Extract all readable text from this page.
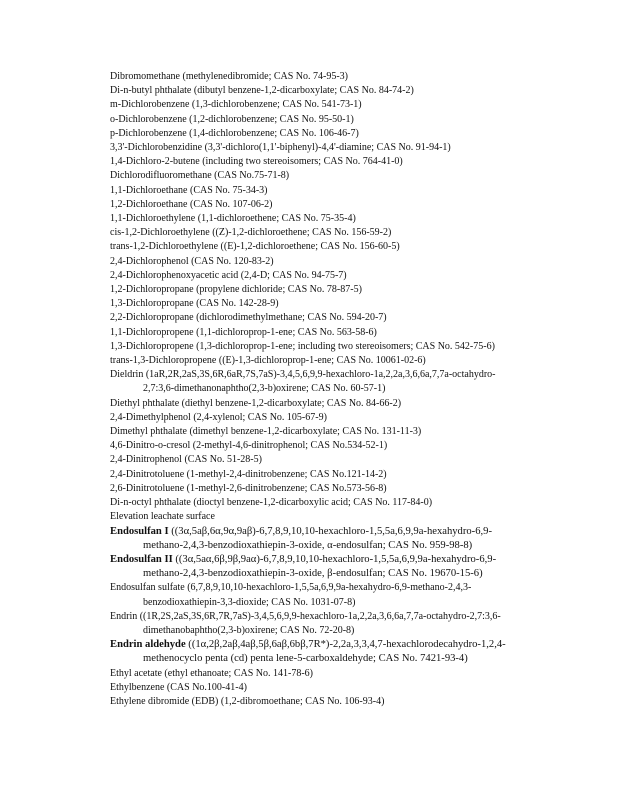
Dibromomethane (methylenedibromide; CAS No. 74-95-3)

Di-n-butyl phthalate (dibutyl benzene-1,2-dicarboxylate; CAS No. 84-74-2)

m-Dichlorobenzene (1,3-dichlorobenzene; CAS No. 541-73-1)

o-Dichlorobenzene (1,2-dichlorobenzene; CAS No. 95-50-1)

p-Dichlorobenzene (1,4-dichlorobenzene; CAS No. 106-46-7)

3,3'-Dichlorobenzidine (3,3'-dichloro(1,1'-biphenyl)-4,4'-diamine; CAS No. 91-94-1)

1,4-Dichloro-2-butene (including two stereoisomers; CAS No. 764-41-0)

Dichlorodifluoromethane (CAS No.75-71-8)

1,1-Dichloroethane (CAS No. 75-34-3)

1,2-Dichloroethane (CAS No. 107-06-2)

1,1-Dichloroethylene (1,1-dichloroethene; CAS No. 75-35-4)

cis-1,2-Dichloroethylene ((Z)-1,2-dichloroethene; CAS No. 156-59-2)

trans-1,2-Dichloroethylene ((E)-1,2-dichloroethene; CAS No. 156-60-5)

2,4-Dichlorophenol (CAS No. 120-83-2)

2,4-Dichlorophenoxyacetic acid (2,4-D; CAS No. 94-75-7)

1,2-Dichloropropane (propylene dichloride; CAS No. 78-87-5)

1,3-Dichloropropane (CAS No. 142-28-9)

2,2-Dichloropropane (dichlorodimethylmethane; CAS No. 594-20-7)

1,1-Dichloropropene (1,1-dichloroprop-1-ene; CAS No. 563-58-6)

1,3-Dichloropropene (1,3-dichloroprop-1-ene; including two stereoisomers; CAS No. 542-75-6)

trans-1,3-Dichloropropene ((E)-1,3-dichloroprop-1-ene; CAS No. 10061-02-6)

Dieldrin (1aR,2R,2aS,3S,6R,6aR,7S,7aS)-3,4,5,6,9,9-hexachloro-1a,2,2a,3,6,6a,7,7a-octahydro-2,7:3,6-dimethanonaphtho(2,3-b)oxirene; CAS No. 60-57-1)

Diethyl phthalate (diethyl benzene-1,2-dicarboxylate; CAS No. 84-66-2)

2,4-Dimethylphenol (2,4-xylenol; CAS No. 105-67-9)

Dimethyl phthalate (dimethyl benzene-1,2-dicarboxylate; CAS No. 131-11-3)

4,6-Dinitro-o-cresol (2-methyl-4,6-dinitrophenol; CAS No.534-52-1)

2,4-Dinitrophenol (CAS No. 51-28-5)

2,4-Dinitrotoluene (1-methyl-2,4-dinitrobenzene; CAS No.121-14-2)

2,6-Dinitrotoluene (1-methyl-2,6-dinitrobenzene; CAS No.573-56-8)

Di-n-octyl phthalate (dioctyl benzene-1,2-dicarboxylic acid; CAS No. 117-84-0)

Elevation leachate surface

Endosulfan I ((3α,5aβ,6α,9α,9aβ)-6,7,8,9,10,10-hexachloro-1,5,5a,6,9,9a-hexahydro-6,9-methano-2,4,3-benzodioxathiepin-3-oxide, α-endosulfan; CAS No. 959-98-8)

Endosulfan II ((3α,5aα,6β,9β,9aα)-6,7,8,9,10,10-hexachloro-1,5,5a,6,9,9a-hexahydro-6,9-methano-2,4,3-benzodioxathiepin-3-oxide, β-endosulfan; CAS No. 19670-15-6)

Endosulfan sulfate (6,7,8,9,10,10-hexachloro-1,5,5a,6,9,9a-hexahydro-6,9-methano-2,4,3-benzodioxathiepin-3,3-dioxide; CAS No. 1031-07-8)

Endrin ((1R,2S,2aS,3S,6R,7R,7aS)-3,4,5,6,9,9-hexachloro-1a,2,2a,3,6,6a,7,7a-octahydro-2,7:3,6-dimethanobaphtho(2,3-b)oxirene; CAS No. 72-20-8)

Endrin aldehyde ((1α,2β,2aβ,4aβ,5β,6aβ,6bβ,7R*)-2,2a,3,3,4,7-hexachlorodecahydro-1,2,4-methenocyclo penta (cd) penta lene-5-carboxaldehyde; CAS No. 7421-93-4)

Ethyl acetate (ethyl ethanoate; CAS No. 141-78-6)

Ethylbenzene (CAS No.100-41-4)

Ethylene dibromide (EDB) (1,2-dibromoethane; CAS No. 106-93-4)
